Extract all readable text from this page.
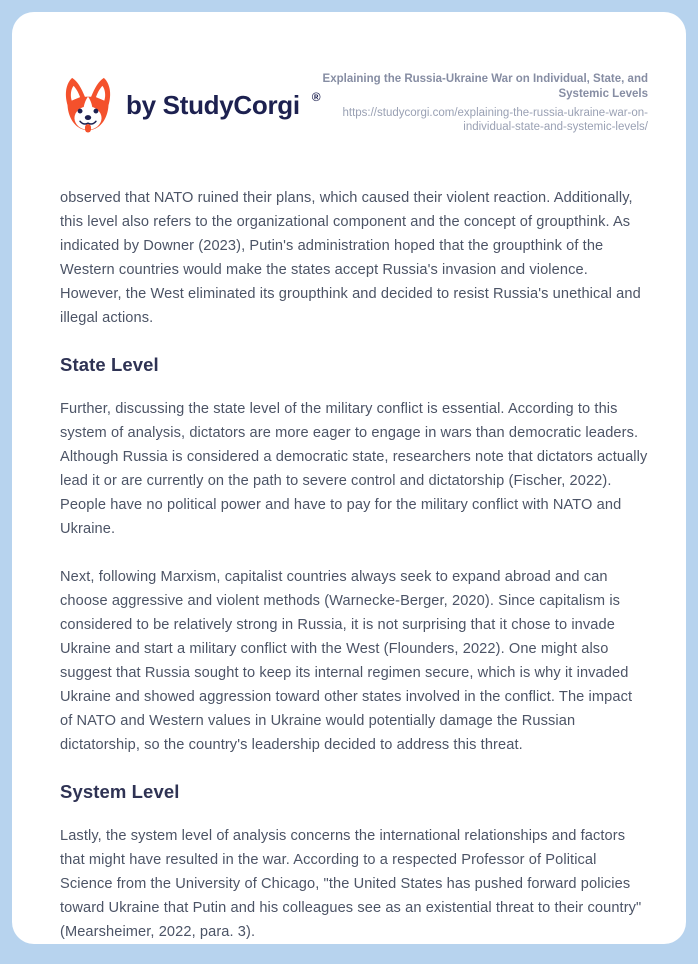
by StudyCorgi ®
Explaining the Russia-Ukraine War on Individual, State, and Systemic Levels
https://studycorgi.com/explaining-the-russia-ukraine-war-on-individual-state-and-systemic-levels/

observed that NATO ruined their plans, which caused their violent reaction. Additionally, this level also refers to the organizational component and the concept of groupthink. As indicated by Downer (2023), Putin's administration hoped that the groupthink of the Western countries would make the states accept Russia's invasion and violence. However, the West eliminated its groupthink and decided to resist Russia's unethical and illegal actions.

State Level

Further, discussing the state level of the military conflict is essential. According to this system of analysis, dictators are more eager to engage in wars than democratic leaders. Although Russia is considered a democratic state, researchers note that dictators actually lead it or are currently on the path to severe control and dictatorship (Fischer, 2022). People have no political power and have to pay for the military conflict with NATO and Ukraine.

Next, following Marxism, capitalist countries always seek to expand abroad and can choose aggressive and violent methods (Warnecke-Berger, 2020). Since capitalism is considered to be relatively strong in Russia, it is not surprising that it chose to invade Ukraine and start a military conflict with the West (Flounders, 2022). One might also suggest that Russia sought to keep its internal regimen secure, which is why it invaded Ukraine and showed aggression toward other states involved in the conflict. The impact of NATO and Western values in Ukraine would potentially damage the Russian dictatorship, so the country's leadership decided to address this threat.

System Level

Lastly, the system level of analysis concerns the international relationships and factors that might have resulted in the war. According to a respected Professor of Political Science from the University of Chicago, "the United States has pushed forward policies toward Ukraine that Putin and his colleagues see as an existential threat to their country" (Mearsheimer, 2022, para. 3).
